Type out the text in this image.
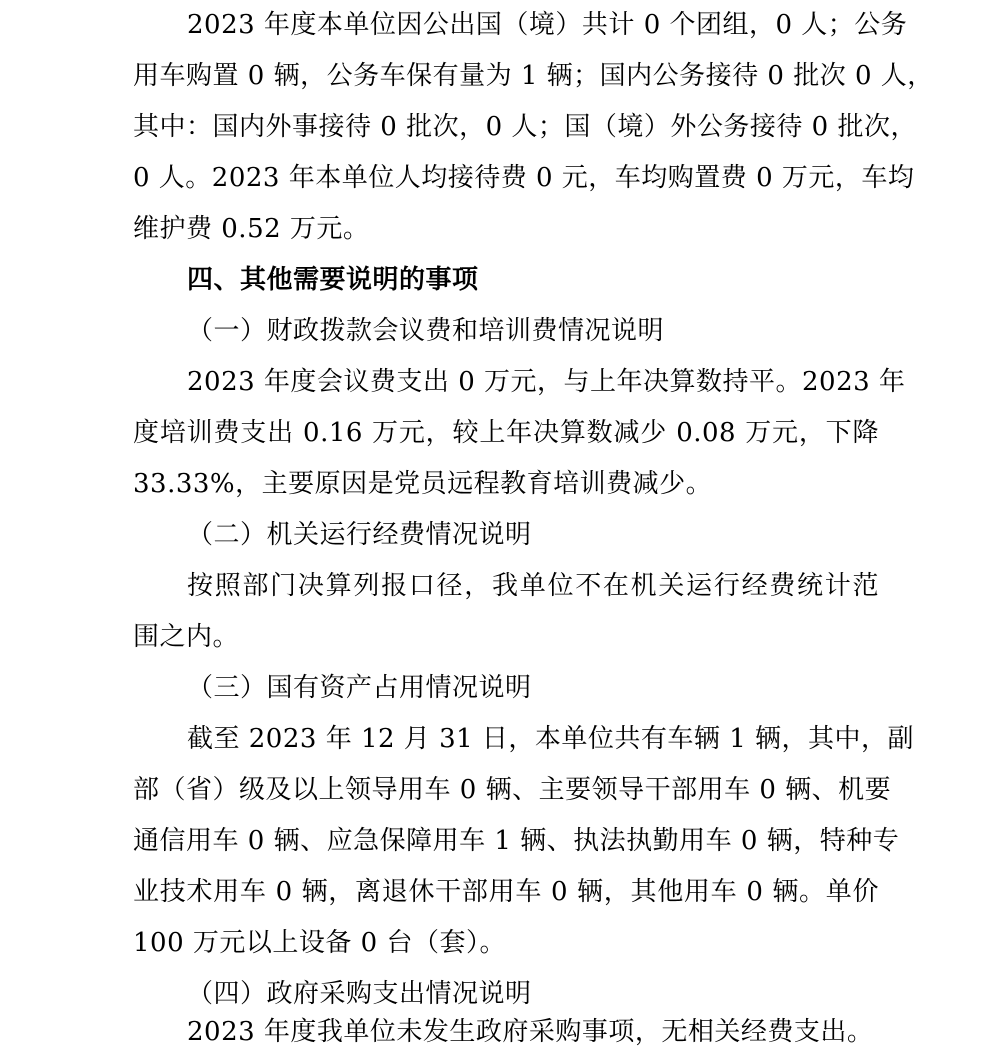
2023 年度本单位因公出国（境）共计 0 个团组，0 人；公务
用车购置 0 辆，公务车保有量为 1 辆；国内公务接待 0 批次 0 人，
其中：国内外事接待 0 批次，0 人；国（境）外公务接待 0 批次，
0 人。2023 年本单位人均接待费 0 元，车均购置费 0 万元，车均
维护费 0.52 万元。
四、其他需要说明的事项
（一）财政拨款会议费和培训费情况说明
2023 年度会议费支出 0 万元，与上年决算数持平。2023 年
度培训费支出 0.16 万元，较上年决算数减少 0.08 万元，下降
33.33%，主要原因是党员远程教育培训费减少。
（二）机关运行经费情况说明
按照部门决算列报口径，我单位不在机关运行经费统计范
围之内。
（三）国有资产占用情况说明
截至 2023 年 12 月 31 日，本单位共有车辆 1 辆，其中，副
部（省）级及以上领导用车 0 辆、主要领导干部用车 0 辆、机要
通信用车 0 辆、应急保障用车 1 辆、执法执勤用车 0 辆，特种专
业技术用车 0 辆，离退休干部用车 0 辆，其他用车 0 辆。单价
100 万元以上设备 0 台（套）。
（四）政府采购支出情况说明
2023 年度我单位未发生政府采购事项，无相关经费支出。
